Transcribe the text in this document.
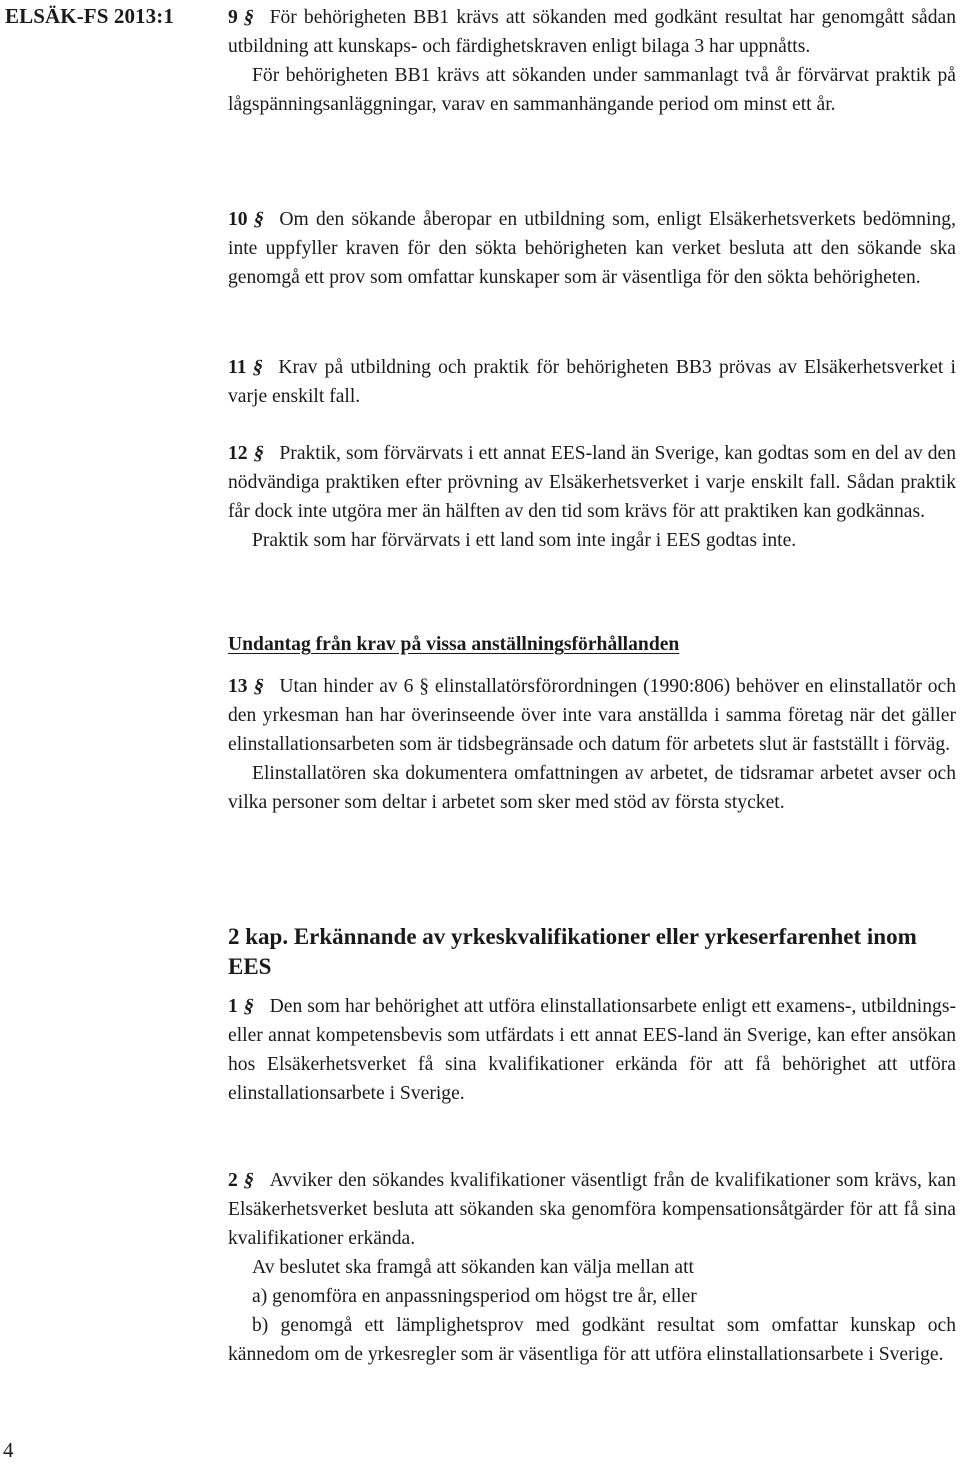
ELSÄK-FS 2013:1
4

9 § För behörigheten BB1 krävs att sökanden med godkänt resultat har genomgått sådan utbildning att kunskaps- och färdighetskraven enligt bilaga 3 har uppnåtts.

För behörigheten BB1 krävs att sökanden under sammanlagt två år förvärvat praktik på lågspänningsanläggningar, varav en sammanhängande period om minst ett år.

10 § Om den sökande åberopar en utbildning som, enligt Elsäkerhetsverkets bedömning, inte uppfyller kraven för den sökta behörigheten kan verket besluta att den sökande ska genomgå ett prov som omfattar kunskaper som är väsentliga för den sökta behörigheten.

11 § Krav på utbildning och praktik för behörigheten BB3 prövas av Elsäkerhetsverket i varje enskilt fall.

12 § Praktik, som förvärvats i ett annat EES-land än Sverige, kan godtas som en del av den nödvändiga praktiken efter prövning av Elsäkerhetsverket i varje enskilt fall. Sådan praktik får dock inte utgöra mer än hälften av den tid som krävs för att praktiken kan godkännas.

Praktik som har förvärvats i ett land som inte ingår i EES godtas inte.

Undantag från krav på vissa anställningsförhållanden

13 § Utan hinder av 6 § elinstallatörsförordningen (1990:806) behöver en elinstallatör och den yrkesman han har överinseende över inte vara anställda i samma företag när det gäller elinstallationsarbeten som är tidsbegränsade och datum för arbetets slut är fastställt i förväg.

Elinstallatören ska dokumentera omfattningen av arbetet, de tidsramar arbetet avser och vilka personer som deltar i arbetet som sker med stöd av första stycket.

2 kap. Erkännande av yrkeskvalifikationer eller yrkeserfarenhet inom EES

1 § Den som har behörighet att utföra elinstallationsarbete enligt ett examens-, utbildnings- eller annat kompetensbevis som utfärdats i ett annat EES-land än Sverige, kan efter ansökan hos Elsäkerhetsverket få sina kvalifikationer erkända för att få behörighet att utföra elinstallationsarbete i Sverige.

2 § Avviker den sökandes kvalifikationer väsentligt från de kvalifikationer som krävs, kan Elsäkerhetsverket besluta att sökanden ska genomföra kompensationsåtgärder för att få sina kvalifikationer erkända.

Av beslutet ska framgå att sökanden kan välja mellan att

a) genomföra en anpassningsperiod om högst tre år, eller

b) genomgå ett lämplighetsprov med godkänt resultat som omfattar kunskap och kännedom om de yrkesregler som är väsentliga för att utföra elinstallationsarbete i Sverige.
